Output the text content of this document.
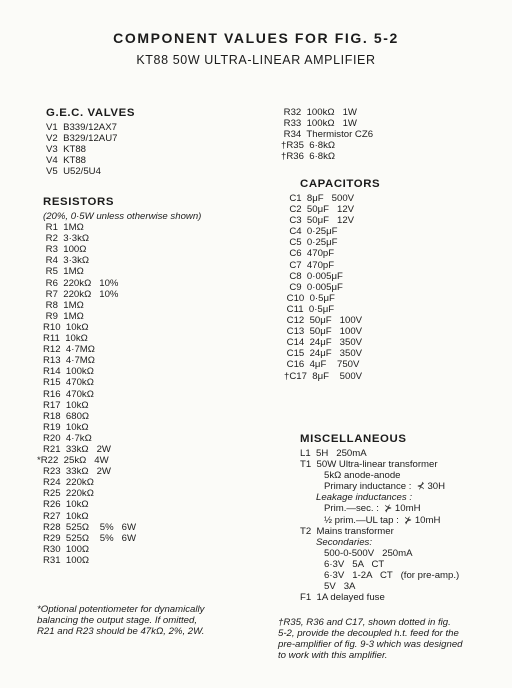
COMPONENT VALUES FOR FIG. 5-2
KT88 50W ULTRA-LINEAR AMPLIFIER
G.E.C. VALVES
V1  B339/12AX7
V2  B329/12AU7
V3  KT88
V4  KT88
V5  U52/5U4
RESISTORS
(20%, 0·5W unless otherwise shown)
R1  1MΩ
R2  3·3kΩ
R3  100Ω
R4  3·3kΩ
R5  1MΩ
R6  220kΩ   10%
R7  220kΩ   10%
R8  1MΩ
R9  1MΩ
R10  10kΩ
R11  10kΩ
R12  4·7MΩ
R13  4·7MΩ
R14  100kΩ
R15  470kΩ
R16  470kΩ
R17  10kΩ
R18  680Ω
R19  10kΩ
R20  4·7kΩ
R21  33kΩ   2W
*R22  25kΩ   4W
R23  33kΩ   2W
R24  220kΩ
R25  220kΩ
R26  10kΩ
R27  10kΩ
R28  525Ω    5%   6W
R29  525Ω    5%   6W
R30  100Ω
R31  100Ω
*Optional potentiometer for dynamically
balancing the output stage. If omitted,
R21 and R23 should be 47kΩ, 2%, 2W.
R32  100kΩ   1W
R33  100kΩ   1W
R34  Thermistor CZ6
†R35  6·8kΩ
†R36  6·8kΩ
CAPACITORS
C1  8μF   500V
C2  50μF   12V
C3  50μF   12V
C4  0·25μF
C5  0·25μF
C6  470pF
C7  470pF
C8  0·005μF
C9  0·005μF
C10  0·5μF
C11  0·5μF
C12  50μF   100V
C13  50μF   100V
C14  24μF   350V
C15  24μF   350V
C16  4μF    750V
†C17  8μF    500V
MISCELLANEOUS
L1  5H   250mA
T1  50W Ultra-linear transformer
5kΩ anode-anode
Primary inductance :  ⊀ 30H
Leakage inductances :
Prim.—sec. :  ⊁ 10mH
½ prim.—UL tap :  ⊁ 10mH
T2  Mains transformer
Secondaries:
500-0-500V   250mA
6·3V   5A   CT
6·3V   1-2A   CT   (for pre-amp.)
5V   3A
F1  1A delayed fuse
†R35, R36 and C17, shown dotted in fig.
5-2, provide the decoupled h.t. feed for the
pre-amplifier of fig. 9-3 which was designed
to work with this amplifier.
